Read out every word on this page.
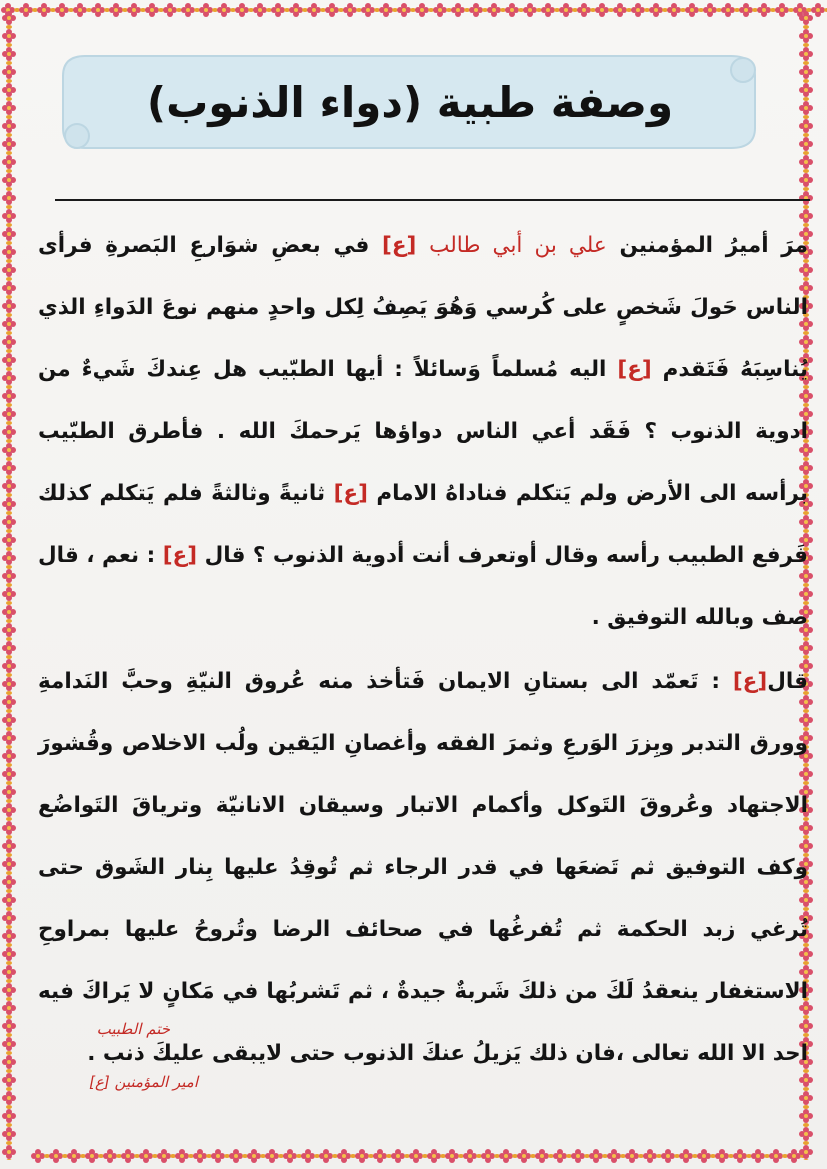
وصفة طبية (دواء الذنوب)

مرَ أميرُ المؤمنين علي بن أبي طالب [ع] في بعضِ شوَارعِ البَصرةِ فرأى الناس حَولَ شَخصٍ على كُرسي وَهُوَ يَصِفُ لِكل واحدٍ منهم نوعَ الدَواءِ الذي يُناسِبَهُ فَتَقدم [ع] اليه مُسلماً وَسائلاً : أيها الطبّيب هل عِندكَ شَيءٌ من ادوية الذنوب ؟ فَقَد أعي الناس دواؤها يَرحمكَ الله . فأطرق الطبّيب برأسه الى الأرض ولم يَتكلم فناداهُ الامام [ع] ثانيةً وثالثةً فلم يَتكلم كذلك فَرفع الطبيب رأسه وقال أوتعرف أنت أدوية الذنوب ؟ قال [ع] : نعم ، قال صف وبالله التوفيق .

قال[ع] : تَعمّد الى بستانِ الايمان فَتأخذ منه عُروق النيّةِ وحبَّ النَدامةِ وورق التدبر وبِزرَ الوَرعِ وثمرَ الفقه وأغصانِ اليَقين ولُب الاخلاص وقُشورَ الاجتهاد وعُروقَ التَوكل وأكمام الاتبار وسيقان الانانيّة وترياقَ التَواضُع وكف التوفيق ثم تَضعَها في قدر الرجاء ثم تُوقِدُ عليها بِنار الشَوق حتى تُرغي زبد الحكمة ثم تُفرغُها في صحائف الرضا وتُروحُ عليها بمراوحِ الاستغفار ينعقدُ لَكَ من ذلكَ شَربةٌ جيدةٌ ، ثم تَشربُها في مَكانٍ لا يَراكَ فيه احد الا الله تعالى ،فان ذلك يَزيلُ عنكَ الذنوب حتى لايبقى عليكَ ذنب .

ختم الطبيب
امير المؤمنين [ع]
